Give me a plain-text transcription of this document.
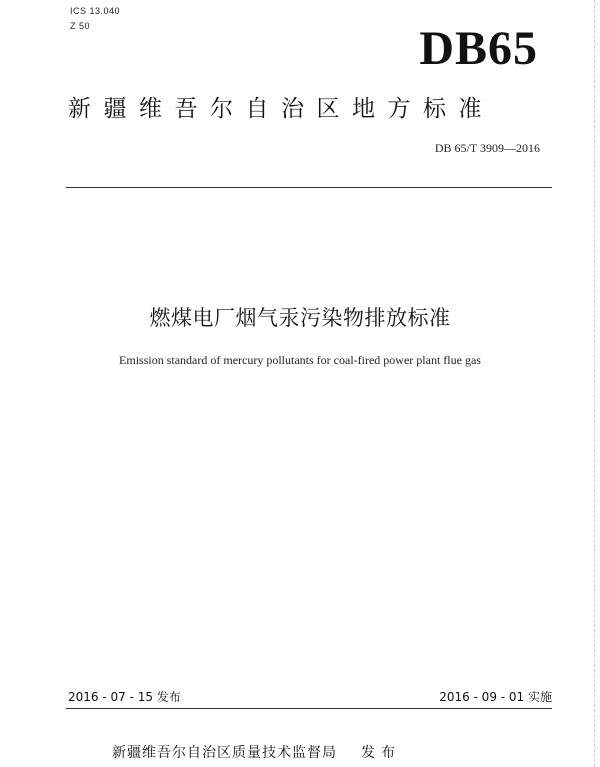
ICS 13.040
Z 50	DB65
新疆维吾尔自治区地方标准
DB 65/T 3909—2016
燃煤电厂烟气汞污染物排放标准
Emission standard of mercury pollutants for coal-fired power plant flue gas
2016 - 07 - 15 发布	2016 - 09 - 01 实施
新疆维吾尔自治区质量技术监督局 发布
